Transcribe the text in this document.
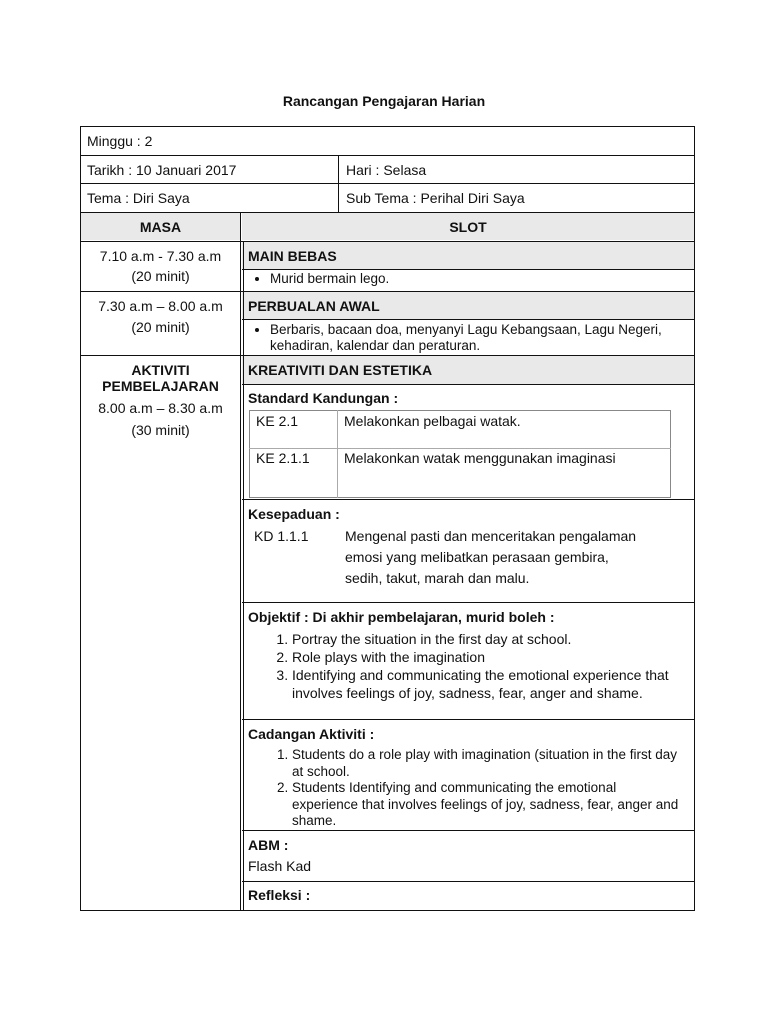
Rancangan Pengajaran Harian
Minggu : 2
Tarikh : 10 Januari 2017	Hari : Selasa
Tema : Diri Saya	Sub Tema : Perihal Diri Saya
MASA	SLOT
7.10 a.m - 7.30 a.m
(20 minit)
MAIN BEBAS
• Murid bermain lego.
7.30 a.m – 8.00 a.m
(20 minit)
PERBUALAN AWAL
• Berbaris, bacaan doa, menyanyi Lagu Kebangsaan, Lagu Negeri,
kehadiran, kalendar dan peraturan.
AKTIVITI
PEMBELAJARAN
8.00 a.m – 8.30 a.m
(30 minit)
KREATIVITI DAN ESTETIKA
Standard Kandungan :
KE 2.1	Melakonkan pelbagai watak.
KE 2.1.1 Melakonkan watak menggunakan imaginasi
Kesepaduan :
KD 1.1.1	Mengenal pasti dan menceritakan pengalaman
emosi yang melibatkan perasaan gembira,
sedih, takut, marah dan malu.
Objektif : Di akhir pembelajaran, murid boleh :
1. Portray the situation in the first day at school.
2. Role plays with the imagination
3. Identifying and communicating the emotional experience that involves feelings of joy, sadness, fear, anger and shame.
Cadangan Aktiviti :
1. Students do a role play with imagination (situation in the first day at school.
2. Students Identifying and communicating the emotional experience that involves feelings of joy, sadness, fear, anger and shame.
ABM :
Flash Kad
Refleksi :
